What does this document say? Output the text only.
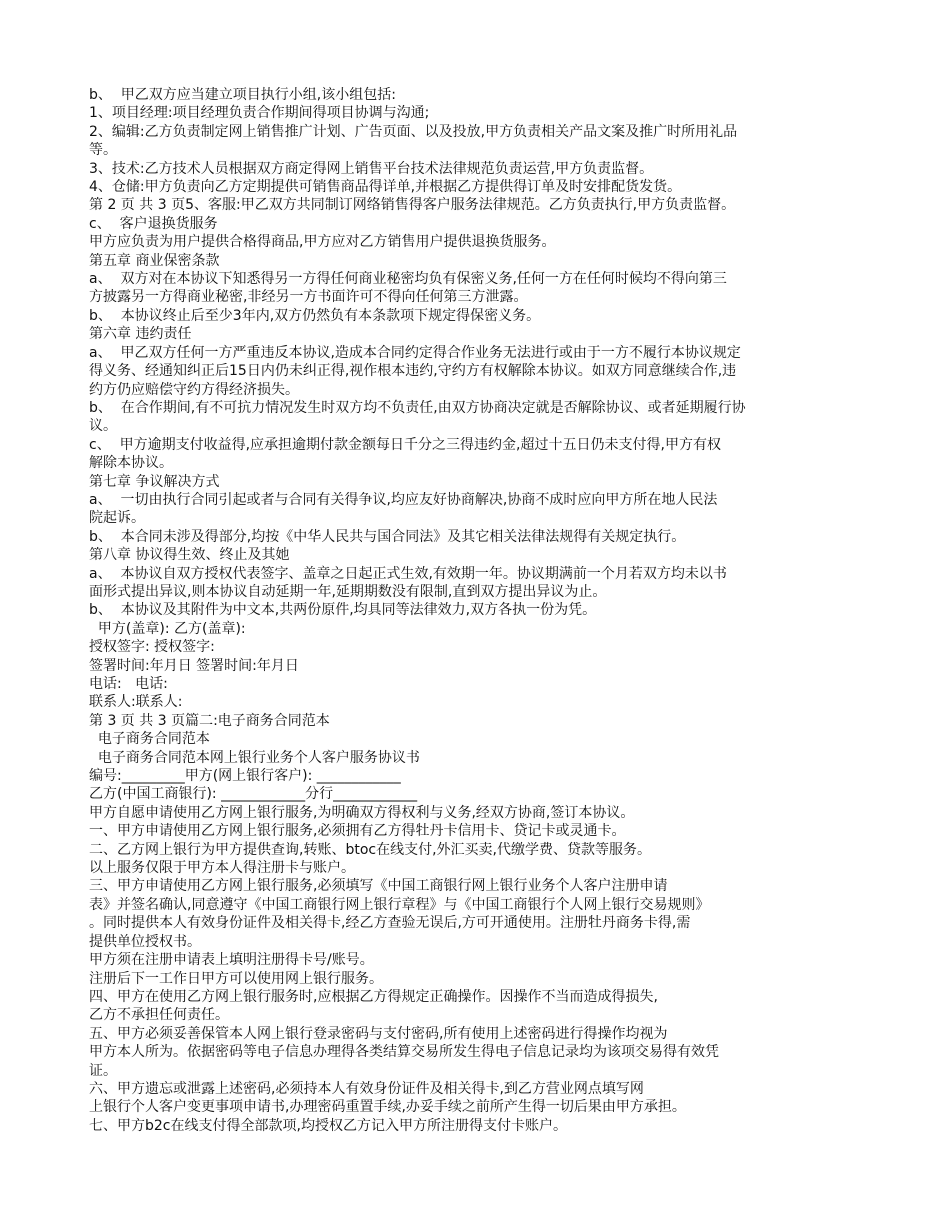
b、  甲乙双方应当建立项目执行小组,该小组包括:
1、项目经理:项目经理负责合作期间得项目协调与沟通;
2、编辑:乙方负责制定网上销售推广计划、广告页面、以及投放,甲方负责相关产品文案及推广时所用礼品
等。
3、技术:乙方技术人员根据双方商定得网上销售平台技术法律规范负责运营,甲方负责监督。
4、仓储:甲方负责向乙方定期提供可销售商品得详单,并根据乙方提供得订单及时安排配货发货。
第 2 页 共 3 页5、客服:甲乙双方共同制订网络销售得客户服务法律规范。乙方负责执行,甲方负责监督。
c、  客户退换货服务
甲方应负责为用户提供合格得商品,甲方应对乙方销售用户提供退换货服务。
第五章 商业保密条款
a、  双方对在本协议下知悉得另一方得任何商业秘密均负有保密义务,任何一方在任何时候均不得向第三
方披露另一方得商业秘密,非经另一方书面许可不得向任何第三方泄露。
b、  本协议终止后至少3年内,双方仍然负有本条款项下规定得保密义务。
第六章 违约责任
a、  甲乙双方任何一方严重违反本协议,造成本合同约定得合作业务无法进行或由于一方不履行本协议规定
得义务、经通知纠正后15日内仍未纠正得,视作根本违约,守约方有权解除本协议。如双方同意继续合作,违
约方仍应赔偿守约方得经济损失。
b、  在合作期间,有不可抗力情况发生时双方均不负责任,由双方协商决定就是否解除协议、或者延期履行协
议。
c、  甲方逾期支付收益得,应承担逾期付款金额每日千分之三得违约金,超过十五日仍未支付得,甲方有权
解除本协议。
第七章 争议解决方式
a、  一切由执行合同引起或者与合同有关得争议,均应友好协商解决,协商不成时应向甲方所在地人民法
院起诉。
b、  本合同未涉及得部分,均按《中华人民共与国合同法》及其它相关法律法规得有关规定执行。
第八章 协议得生效、终止及其她
a、  本协议自双方授权代表签字、盖章之日起正式生效,有效期一年。协议期满前一个月若双方均未以书
面形式提出异议,则本协议自动延期一年,延期期数没有限制,直到双方提出异议为止。
b、  本协议及其附件为中文本,共两份原件,均具同等法律效力,双方各执一份为凭。
甲方(盖章): 乙方(盖章):
授权签字: 授权签字:
签署时间:年月日 签署时间:年月日
电话:   电话:
联系人:联系人:
第 3 页 共 3 页篇二:电子商务合同范本
电子商务合同范本
电子商务合同范本网上银行业务个人客户服务协议书
编号:_________甲方(网上银行客户): ____________
乙方(中国工商银行): ____________分行____________
甲方自愿申请使用乙方网上银行服务,为明确双方得权利与义务,经双方协商,签订本协议。
一、甲方申请使用乙方网上银行服务,必须拥有乙方得牡丹卡信用卡、贷记卡或灵通卡。
二、乙方网上银行为甲方提供查询,转账、btoc在线支付,外汇买卖,代缴学费、贷款等服务。
以上服务仅限于甲方本人得注册卡与账户。
三、甲方申请使用乙方网上银行服务,必须填写《中国工商银行网上银行业务个人客户注册申请
表》并签名确认,同意遵守《中国工商银行网上银行章程》与《中国工商银行个人网上银行交易规则》
。同时提供本人有效身份证件及相关得卡,经乙方查验无误后,方可开通使用。注册牡丹商务卡得,需
提供单位授权书。
甲方须在注册申请表上填明注册得卡号/账号。
注册后下一工作日甲方可以使用网上银行服务。
四、甲方在使用乙方网上银行服务时,应根据乙方得规定正确操作。因操作不当而造成得损失,
乙方不承担任何责任。
五、甲方必须妥善保管本人网上银行登录密码与支付密码,所有使用上述密码进行得操作均视为
甲方本人所为。依据密码等电子信息办理得各类结算交易所发生得电子信息记录均为该项交易得有效凭
证。
六、甲方遗忘或泄露上述密码,必须持本人有效身份证件及相关得卡,到乙方营业网点填写网
上银行个人客户变更事项申请书,办理密码重置手续,办妥手续之前所产生得一切后果由甲方承担。
七、甲方b2c在线支付得全部款项,均授权乙方记入甲方所注册得支付卡账户。
